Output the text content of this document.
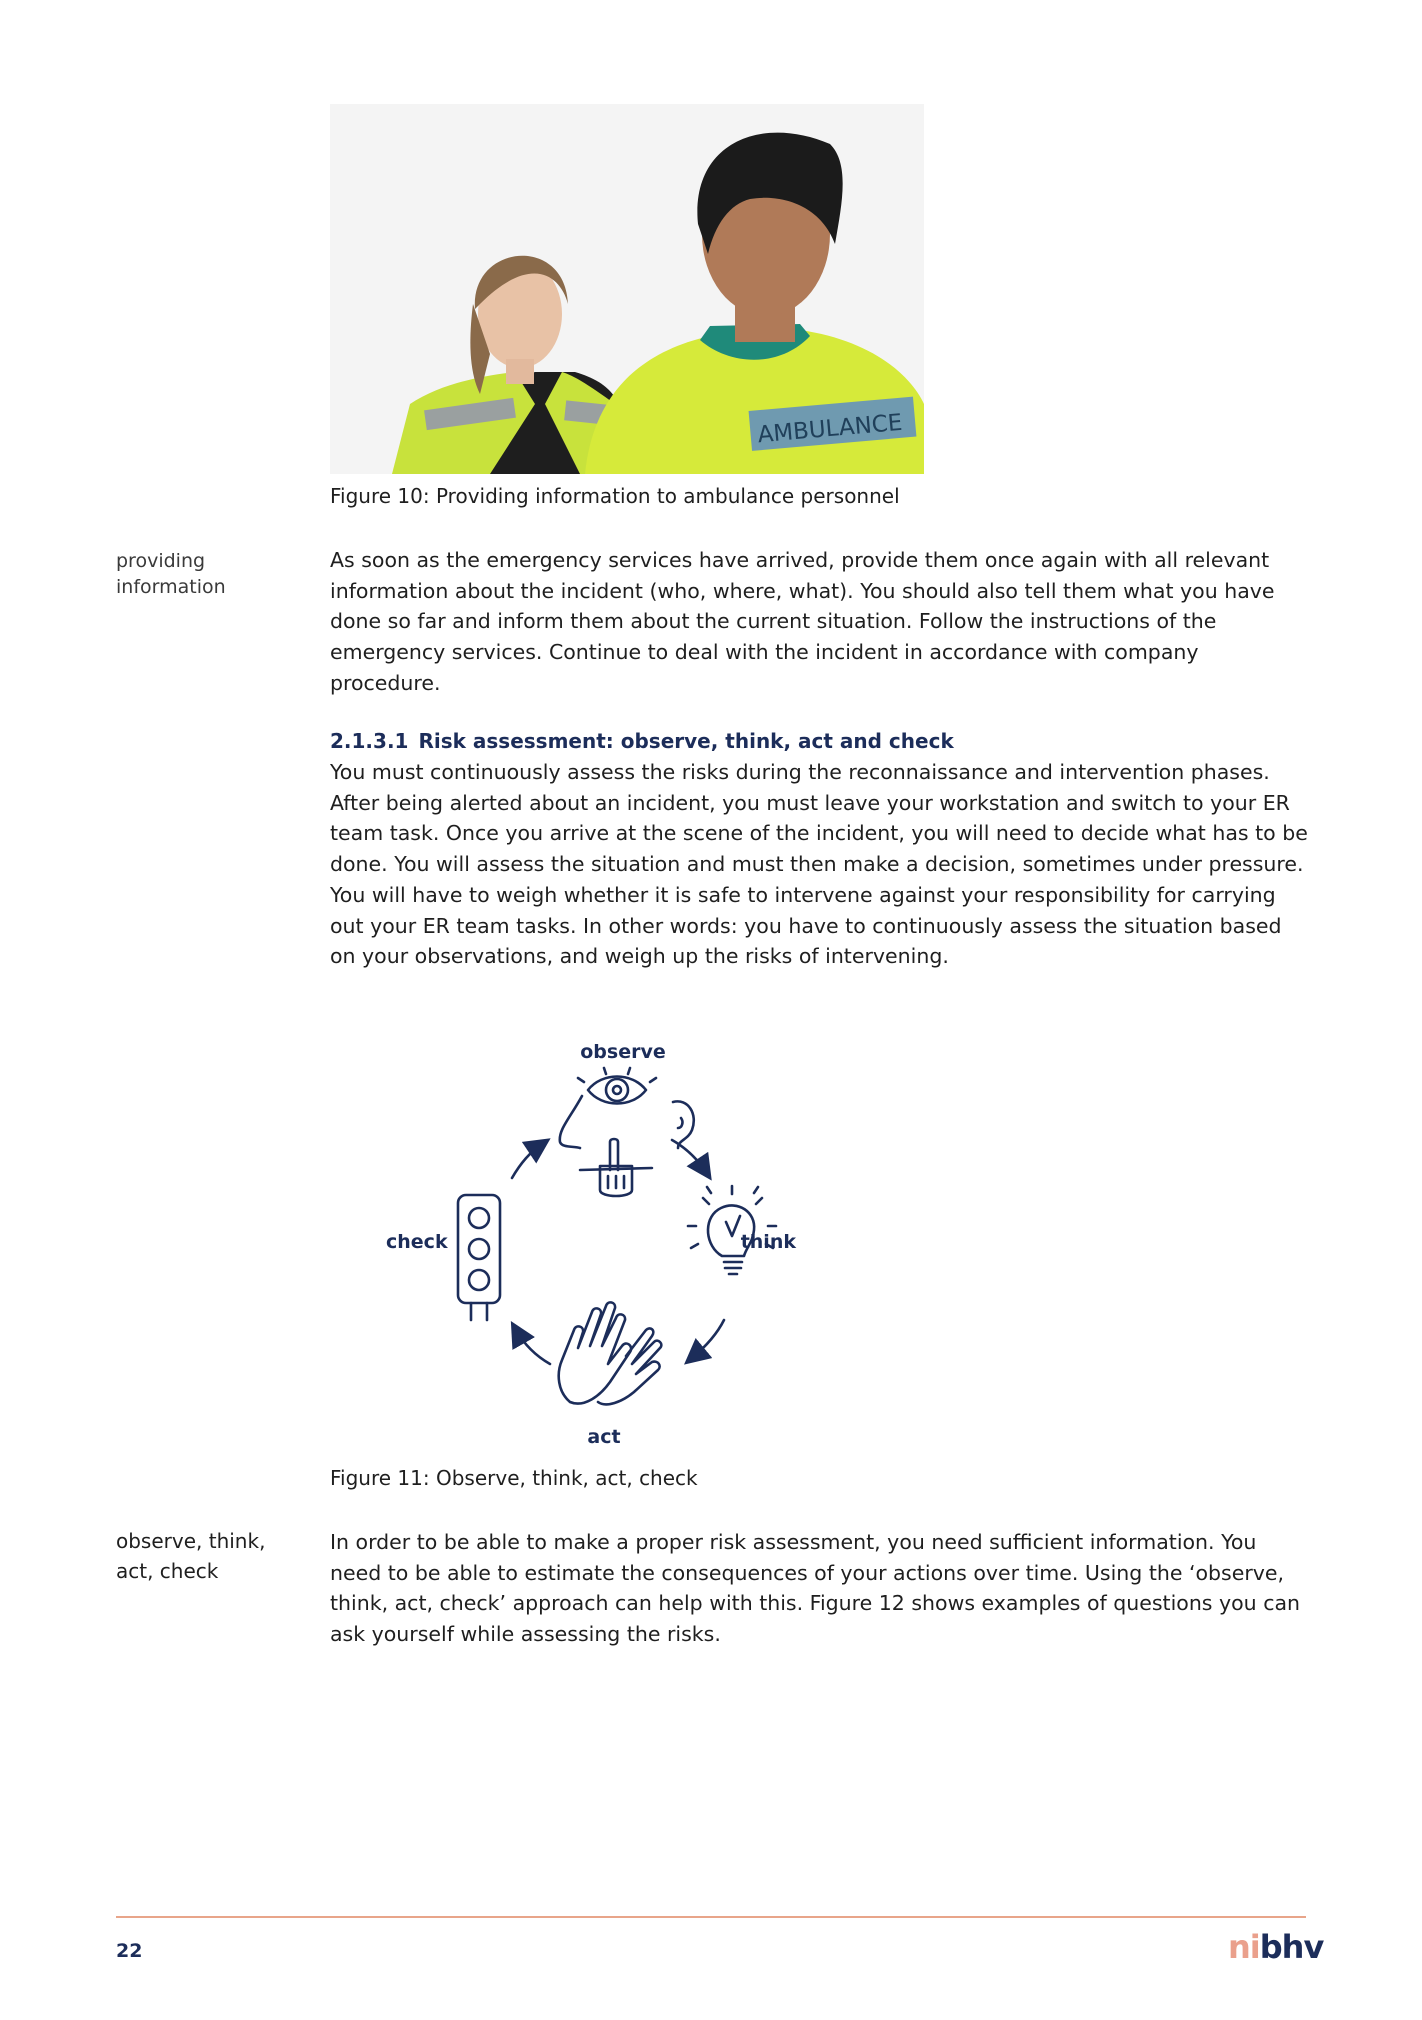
AMBULANCE
Figure 10: Providing information to ambulance personnel
providing
information

As soon as the emergency services have arrived, provide them once again with all relevant information about the incident (who, where, what). You should also tell them what you have done so far and inform them about the current situation. Follow the instructions of the emergency services. Continue to deal with the incident in accordance with company procedure.

2.1.3.1 Risk assessment: observe, think, act and check

You must continuously assess the risks during the reconnaissance and intervention phases. After being alerted about an incident, you must leave your workstation and switch to your ER team task. Once you arrive at the scene of the incident, you will need to decide what has to be done. You will assess the situation and must then make a decision, sometimes under pressure. You will have to weigh whether it is safe to intervene against your responsibility for carrying out your ER team tasks. In other words: you have to continuously assess the situation based on your observations, and weigh up the risks of intervening.

observe
think
act
check
Figure 11: Observe, think, act, check
observe, think,
act, check

In order to be able to make a proper risk assessment, you need sufficient information. You need to be able to estimate the consequences of your actions over time. Using the ‘observe, think, act, check’ approach can help with this. Figure 12 shows examples of questions you can ask yourself while assessing the risks.

22	nibhv
